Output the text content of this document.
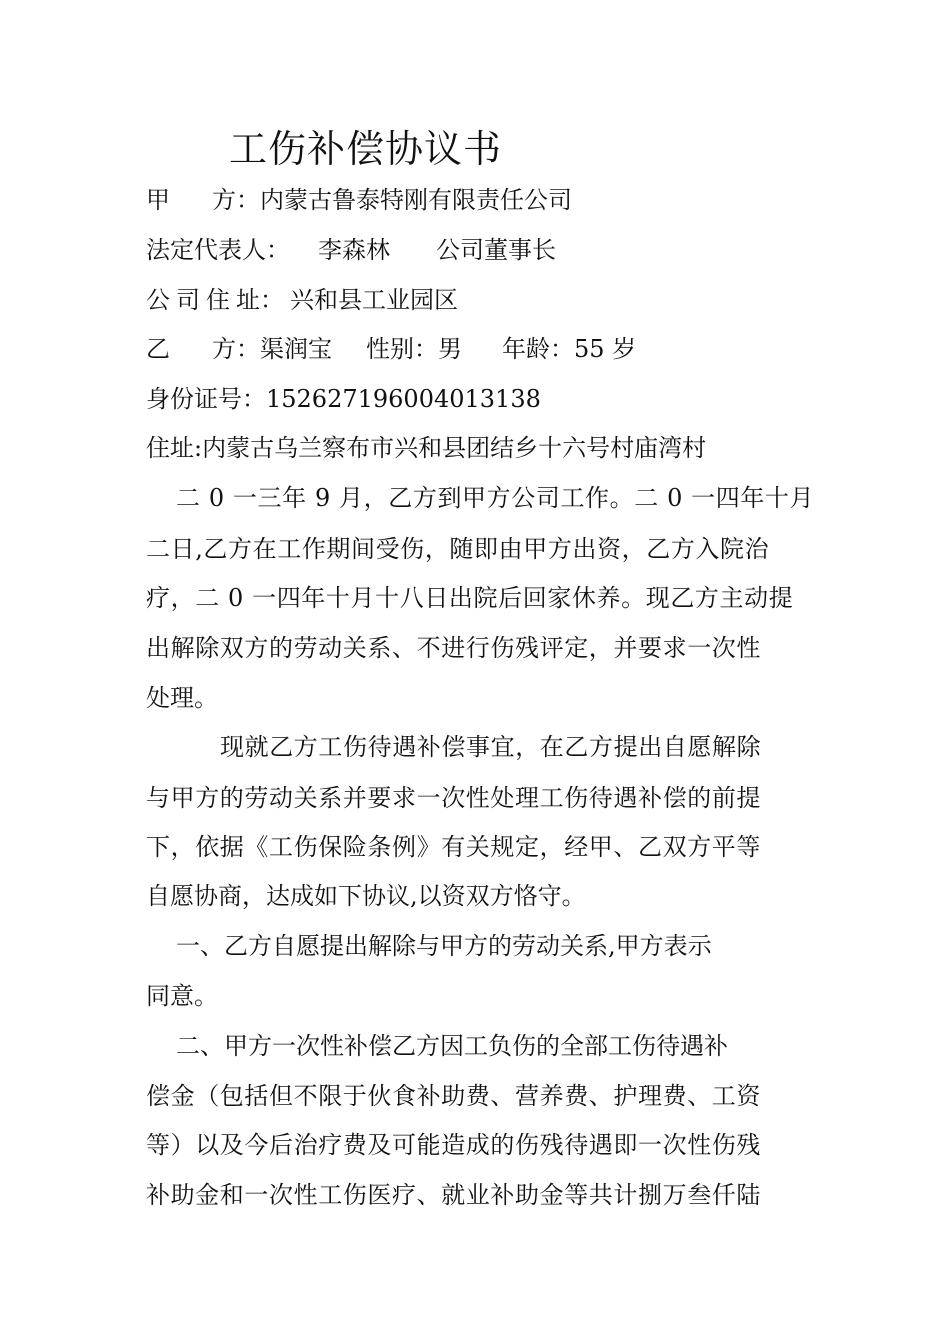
工伤补偿协议书
甲 方：内蒙古鲁泰特刚有限责任公司
法定代表人： 李森林 公司董事长
公 司 住 址： 兴和县工业园区
乙 方：渠润宝 性别：男 年龄：55 岁
身份证号：152627196004013138
住址:内蒙古乌兰察布市兴和县团结乡十六号村庙湾村
二 0 一三年 9 月，乙方到甲方公司工作。二 0 一四年十月
二日,乙方在工作期间受伤，随即由甲方出资，乙方入院治
疗，二 0 一四年十月十八日出院后回家休养。现乙方主动提
出解除双方的劳动关系、不进行伤残评定，并要求一次性
处理。
现就乙方工伤待遇补偿事宜，在乙方提出自愿解除
与甲方的劳动关系并要求一次性处理工伤待遇补偿的前提
下，依据《工伤保险条例》有关规定，经甲、乙双方平等
自愿协商，达成如下协议,以资双方恪守。
一、乙方自愿提出解除与甲方的劳动关系,甲方表示
同意。
二、甲方一次性补偿乙方因工负伤的全部工伤待遇补
偿金（包括但不限于伙食补助费、营养费、护理费、工资
等）以及今后治疗费及可能造成的伤残待遇即一次性伤残
补助金和一次性工伤医疗、就业补助金等共计捌万叁仟陆
